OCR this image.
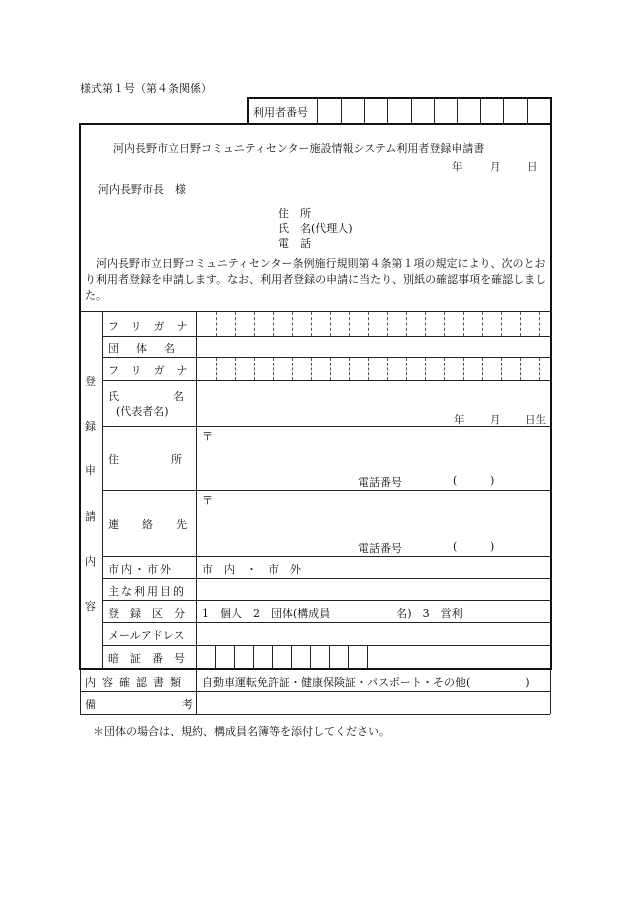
様式第１号（第４条関係）
利用者番号
河内長野市立日野コミュニティセンター施設情報システム利用者登録申請書
年	月	日
河内長野市長　様
住　所
氏　名(代理人)
電　話
河内長野市立日野コミュニティセンター条例施行規則第４条第１項の規定により、次のとおり利用者登録を申請します。なお、利用者登録の申請に当たり、別紙の確認事項を確認しました。
登
録
申
請
内
容
フリガナ
団体名
フリガナ
氏名
(代表者名)
年 月 日生
住所
〒
電話番号	(	)
連絡先
〒
電話番号	(	)
市内・市外	市　内　・　市　外
主な利用目的
登録区分 1　個人　2　団体(構成員　　　　　　名)　3　営利
メールアドレス
暗証番号
内容確認書類 自動車運転免許証・健康保険証・パスポート・その他(　　　　　)
備考
＊団体の場合は、規約、構成員名簿等を添付してください。
